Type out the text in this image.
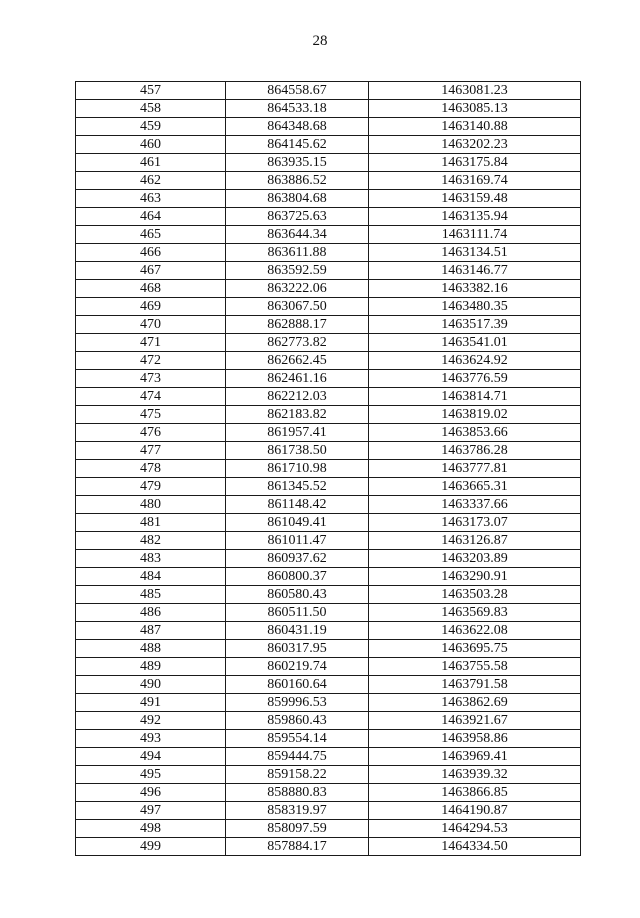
28
457	864558.67	1463081.23
458	864533.18	1463085.13
459	864348.68	1463140.88
460	864145.62	1463202.23
461	863935.15	1463175.84
462	863886.52	1463169.74
463	863804.68	1463159.48
464	863725.63	1463135.94
465	863644.34	1463111.74
466	863611.88	1463134.51
467	863592.59	1463146.77
468	863222.06	1463382.16
469	863067.50	1463480.35
470	862888.17	1463517.39
471	862773.82	1463541.01
472	862662.45	1463624.92
473	862461.16	1463776.59
474	862212.03	1463814.71
475	862183.82	1463819.02
476	861957.41	1463853.66
477	861738.50	1463786.28
478	861710.98	1463777.81
479	861345.52	1463665.31
480	861148.42	1463337.66
481	861049.41	1463173.07
482	861011.47	1463126.87
483	860937.62	1463203.89
484	860800.37	1463290.91
485	860580.43	1463503.28
486	860511.50	1463569.83
487	860431.19	1463622.08
488	860317.95	1463695.75
489	860219.74	1463755.58
490	860160.64	1463791.58
491	859996.53	1463862.69
492	859860.43	1463921.67
493	859554.14	1463958.86
494	859444.75	1463969.41
495	859158.22	1463939.32
496	858880.83	1463866.85
497	858319.97	1464190.87
498	858097.59	1464294.53
499	857884.17	1464334.50
